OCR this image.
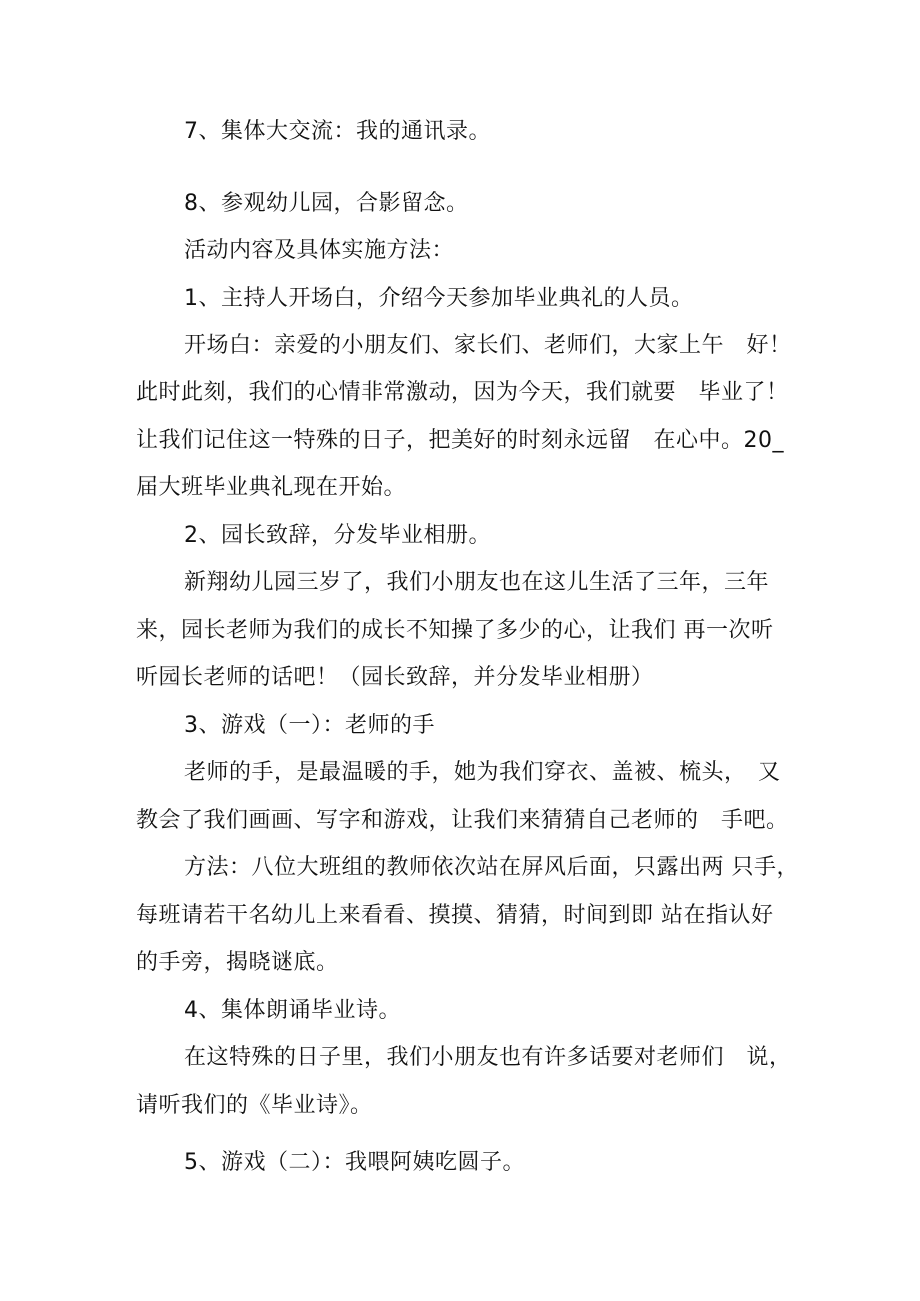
7、集体大交流：我的通讯录。
8、参观幼儿园，合影留念。
活动内容及具体实施方法：
1、主持人开场白，介绍今天参加毕业典礼的人员。
开场白：亲爱的小朋友们、家长们、老师们，大家上午　好！
此时此刻，我们的心情非常激动，因为今天，我们就要　毕业了！
让我们记住这一特殊的日子，把美好的时刻永远留　在心中。20_
届大班毕业典礼现在开始。
2、园长致辞，分发毕业相册。
新翔幼儿园三岁了，我们小朋友也在这儿生活了三年，三年
来，园长老师为我们的成长不知操了多少的心，让我们 再一次听
听园长老师的话吧！（园长致辞，并分发毕业相册）
3、游戏（一）：老师的手
老师的手，是最温暖的手，她为我们穿衣、盖被、梳头，　又
教会了我们画画、写字和游戏，让我们来猜猜自己老师的　手吧。
方法：八位大班组的教师依次站在屏风后面，只露出两 只手，
每班请若干名幼儿上来看看、摸摸、猜猜，时间到即 站在指认好
的手旁，揭晓谜底。
4、集体朗诵毕业诗。
在这特殊的日子里，我们小朋友也有许多话要对老师们　说，
请听我们的《毕业诗》。
5、游戏（二）：我喂阿姨吃圆子。
